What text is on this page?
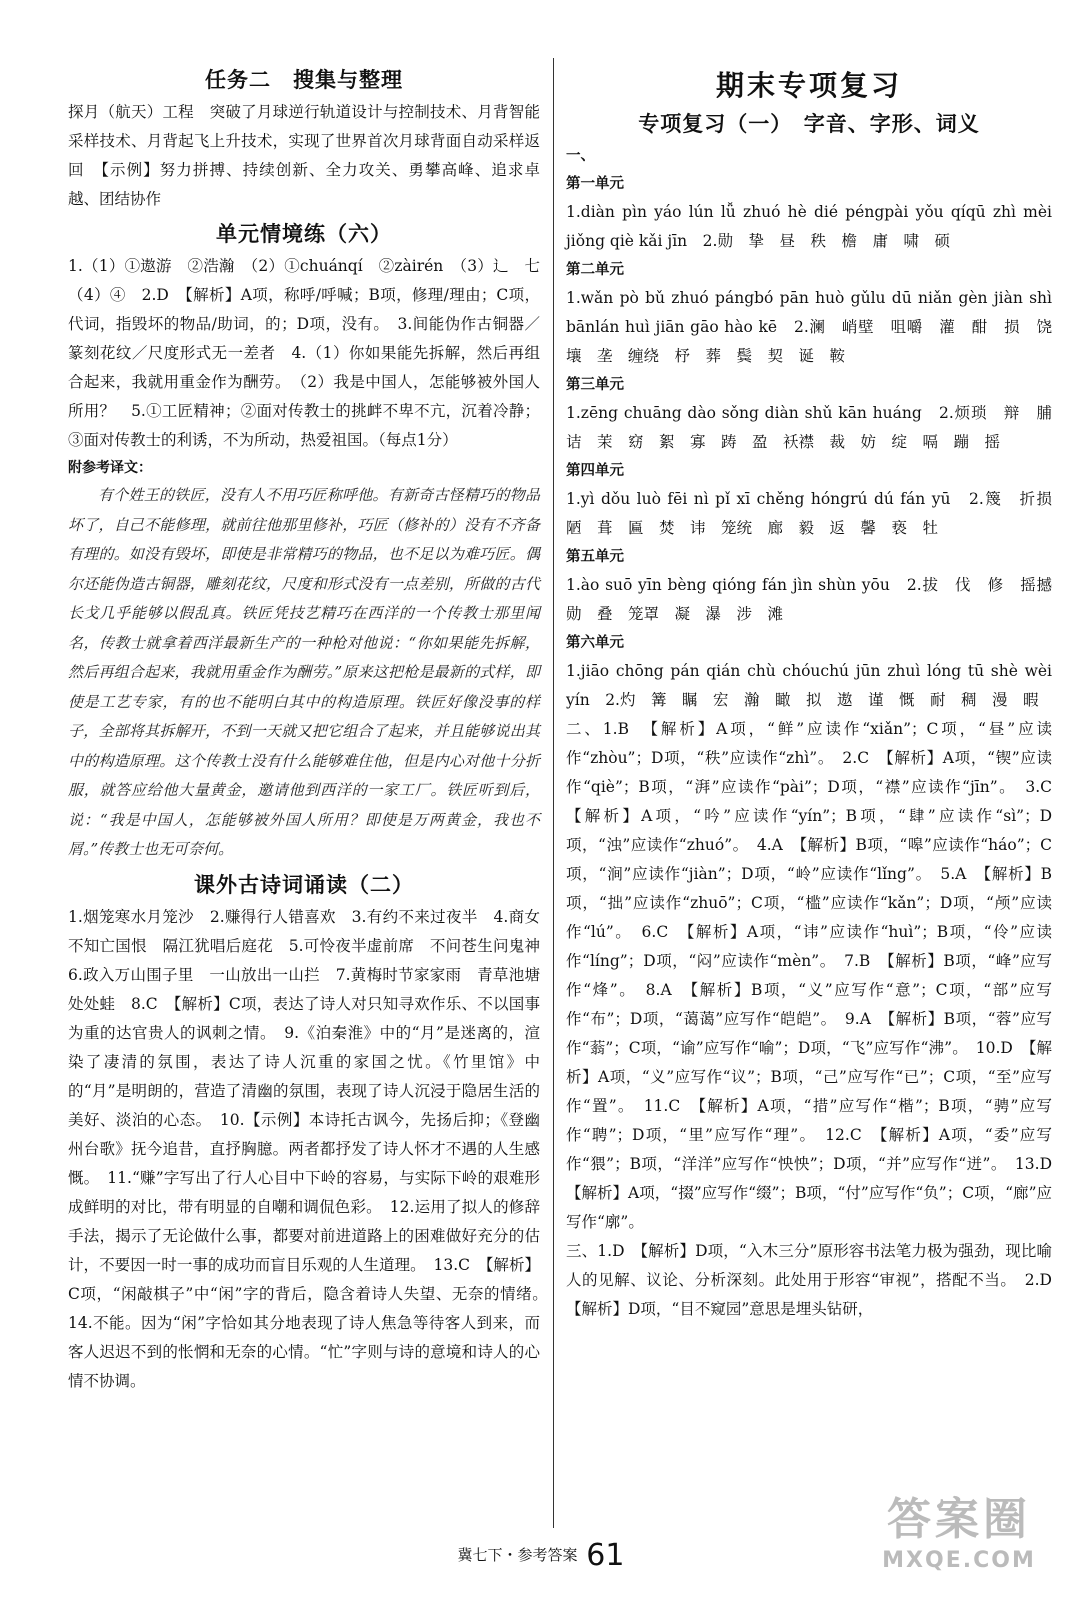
任务二　搜集与整理

探月（航天）工程　突破了月球逆行轨道设计与控制技术、月背智能采样技术、月背起飞上升技术，实现了世界首次月球背面自动采样返回　【示例】努力拼搏、持续创新、全力攻关、勇攀高峰、追求卓越、团结协作

单元情境练（六）

1.（1）①遨游　②浩瀚　（2）①chuánqí　②zàirén　（3）辶　七　（4）④　2.D　【解析】A项，称呼/呼喊；B项，修理/理由；C项，代词，指毁坏的物品/助词，的；D项，没有。　3.间能伪作古铜器／篆刻花纹／尺度形式无一差者　4.（1）你如果能先拆解，然后再组合起来，我就用重金作为酬劳。　（2）我是中国人，怎能够被外国人所用？　5.①工匠精神；②面对传教士的挑衅不卑不亢，沉着冷静；③面对传教士的利诱，不为所动，热爱祖国。（每点1分）

附参考译文：

有个姓王的铁匠，没有人不用巧匠称呼他。有新奇古怪精巧的物品坏了，自己不能修理，就前往他那里修补，巧匠（修补的）没有不齐备有理的。如没有毁坏，即使是非常精巧的物品，也不足以为难巧匠。偶尔还能伪造古铜器，雕刻花纹，尺度和形式没有一点差别，所做的古代长戈几乎能够以假乱真。铁匠凭技艺精巧在西洋的一个传教士那里闻名，传教士就拿着西洋最新生产的一种枪对他说：“你如果能先拆解，然后再组合起来，我就用重金作为酬劳。”原来这把枪是最新的式样，即使是工艺专家，有的也不能明白其中的构造原理。铁匠好像没事的样子，全部将其拆解开，不到一天就又把它组合了起来，并且能够说出其中的构造原理。这个传教士没有什么能够难住他，但是内心对他十分折服，就答应给他大量黄金，邀请他到西洋的一家工厂。铁匠听到后，说：“我是中国人，怎能够被外国人所用？即使是万两黄金，我也不屑。”传教士也无可奈何。

课外古诗词诵读（二）

1.烟笼寒水月笼沙　2.赚得行人错喜欢　3.有约不来过夜半　4.商女不知亡国恨　隔江犹唱后庭花　5.可怜夜半虚前席　不问苍生问鬼神　6.政入万山围子里　一山放出一山拦　7.黄梅时节家家雨　青草池塘处处蛙　8.C　【解析】C项，表达了诗人对只知寻欢作乐、不以国事为重的达官贵人的讽刺之情。　9.《泊秦淮》中的“月”是迷离的，渲染了凄清的氛围，表达了诗人沉重的家国之忧。《竹里馆》中的“月”是明朗的，营造了清幽的氛围，表现了诗人沉浸于隐居生活的美好、淡泊的心态。　10.【示例】本诗托古讽今，先扬后抑；《登幽州台歌》抚今追昔，直抒胸臆。两者都抒发了诗人怀才不遇的人生感慨。　11.“赚”字写出了行人心目中下岭的容易，与实际下岭的艰难形成鲜明的对比，带有明显的自嘲和调侃色彩。　12.运用了拟人的修辞手法，揭示了无论做什么事，都要对前进道路上的困难做好充分的估计，不要因一时一事的成功而盲目乐观的人生道理。　13.C　【解析】C项，“闲敲棋子”中“闲”字的背后，隐含着诗人失望、无奈的情绪。　14.不能。因为“闲”字恰如其分地表现了诗人焦急等待客人到来，而客人迟迟不到的怅惘和无奈的心情。“忙”字则与诗的意境和诗人的心情不协调。

期末专项复习
专项复习（一）　字音、字形、词义

一、

第一单元

1.diàn pìn yáo lún lǚ zhuó hè dié péngpài yǒu qíqū zhì mèi jiǒng qiè kǎi jīn　2.勋　挚　昼　秩　檐　庸　啸　硕

第二单元

1.wǎn pò bǔ zhuó pángbó pān huò gǔlu dū niǎn gèn jiàn shì bānlán huì jiān gāo hào kē　2.澜　峭壁　咀嚼　灌　酣　损　饶　壤　垄　缠绕　杼　葬　鬓　契　诞　鞍

第三单元

1.zēng chuāng dào sǒng diàn shǔ kān huáng　2.烦琐　辩　脯　诘　茉　窈　絮　寡　踌　盈　袄襟　裁　妨　绽　嗝　蹦　摇

第四单元

1.yì dǒu luò fēi nì pǐ xī chěng hóngrú dú fán yū　2.篾　折损　陋　葺　匾　焚　讳　笼统　廊　毅　返　馨　亵　牡

第五单元

1.ào suō yīn bèng qióng fán jìn shùn yōu　2.拔　伐　修　摇撼　勋　叠　笼罩　凝　瀑　涉　滩

第六单元

1.jiāo chōng pán qián chù chóuchú jūn zhuì lóng tū shè wèi yín　2.灼　篝　瞩　宏　瀚　瞰　拟　遨　谨　慨　耐　稠　漫　暇

二、1.B　【解析】A项，“鲜”应读作“xiǎn”；C项，“昼”应读作“zhòu”；D项，“秩”应读作“zhì”。　2.C　【解析】A项，“锲”应读作“qiè”；B项，“湃”应读作“pài”；D项，“襟”应读作“jīn”。　3.C　【解析】A项，“吟”应读作“yín”；B项，“肆”应读作“sì”；D项，“浊”应读作“zhuó”。　4.A　【解析】B项，“嗥”应读作“háo”；C项，“涧”应读作“jiàn”；D项，“岭”应读作“lǐng”。　5.A　【解析】B项，“拙”应读作“zhuō”；C项，“槛”应读作“kǎn”；D项，“颅”应读作“lú”。　6.C　【解析】A项，“讳”应读作“huì”；B项，“伶”应读作“líng”；D项，“闷”应读作“mèn”。　7.B　【解析】B项，“峰”应写作“烽”。　8.A　【解析】B项，“义”应写作“意”；C项，“部”应写作“布”；D项，“蔼蔼”应写作“皑皑”。　9.A　【解析】B项，“蓉”应写作“蓊”；C项，“谕”应写作“喻”；D项，“飞”应写作“沸”。　10.D　【解析】A项，“义”应写作“议”；B项，“己”应写作“已”；C项，“至”应写作“置”。　11.C　【解析】A项，“措”应写作“楷”；B项，“骋”应写作“聘”；D项，“里”应写作“理”。　12.C　【解析】A项，“委”应写作“猥”；B项，“洋洋”应写作“怏怏”；D项，“并”应写作“迸”。　13.D　【解析】A项，“掇”应写作“缀”；B项，“付”应写作“负”；C项，“廊”应写作“廓”。

三、1.D　【解析】D项，“入木三分”原形容书法笔力极为强劲，现比喻人的见解、议论、分析深刻。此处用于形容“审视”，搭配不当。　2.D　【解析】D项，“目不窥园”意思是埋头钻研，

冀七下・参考答案 61
答案圈
MXQE.COM
